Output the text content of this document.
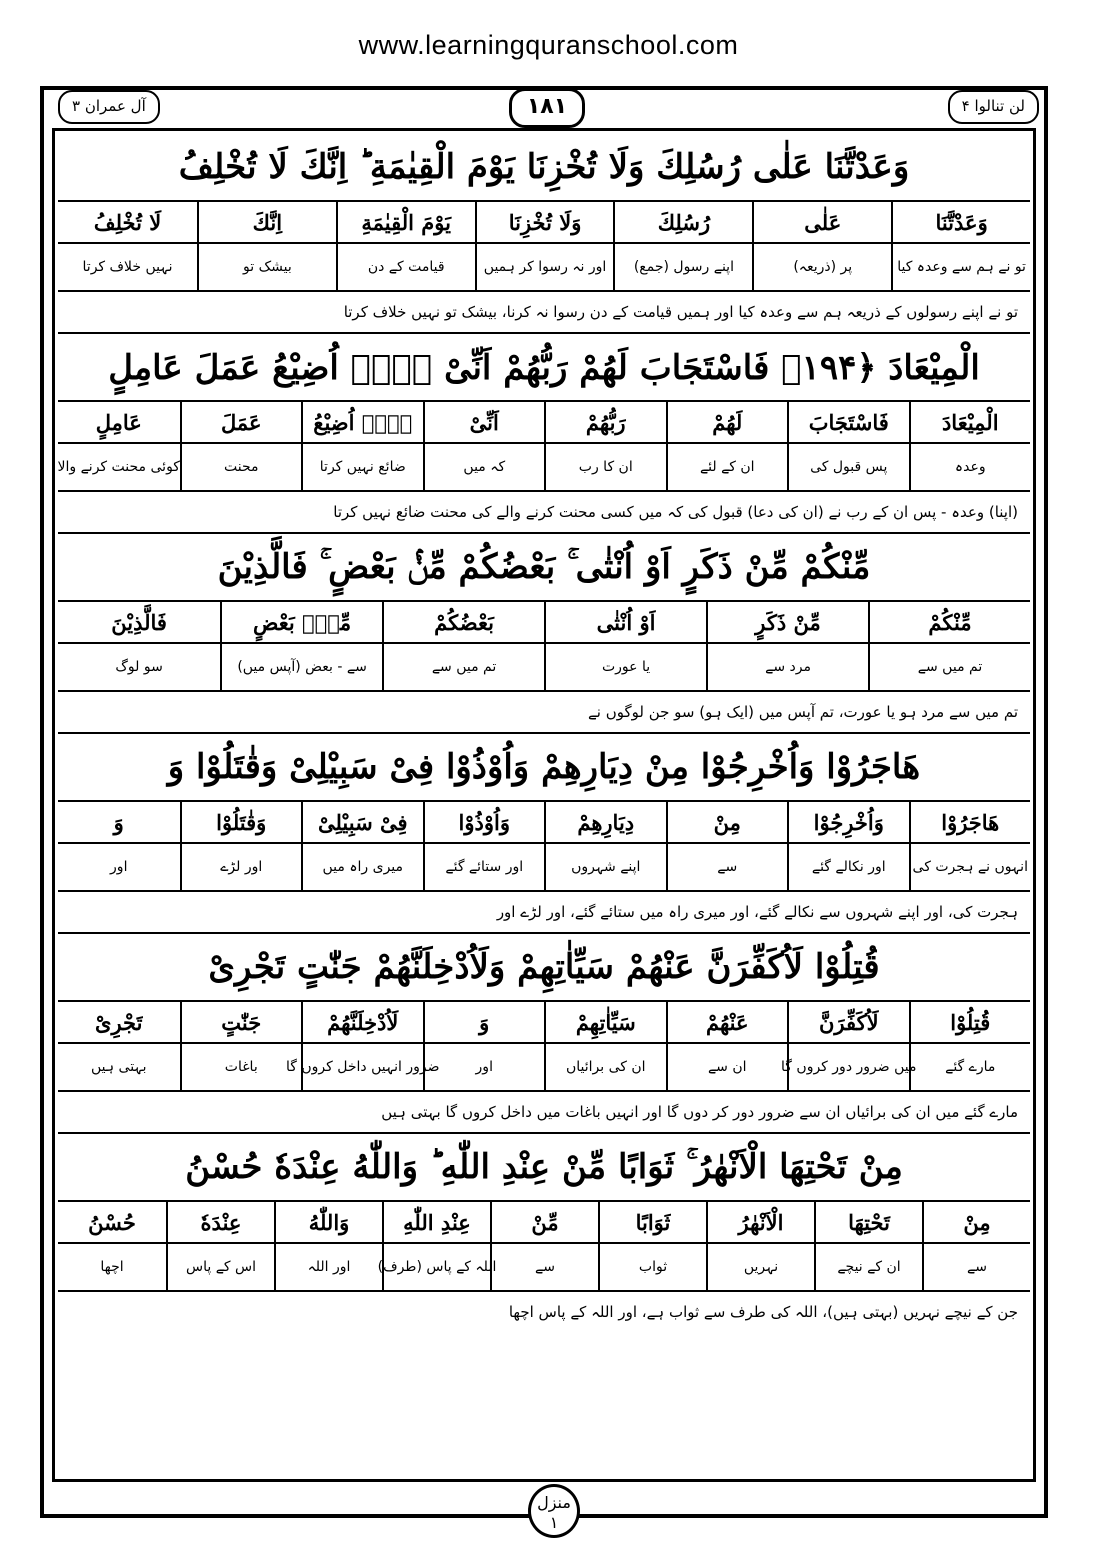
www.learningquranschool.com
آل عمران ۳	١٨١	لن تنالوا ۴
وَعَدْتَّنَا عَلٰى رُسُلِكَ وَلَا تُخْزِنَا يَوْمَ الْقِيٰمَةِ ؕ اِنَّكَ لَا تُخْلِفُ
وَعَدْتَّنَا
عَلٰى
رُسُلِكَ
وَلَا تُخْزِنَا
يَوْمَ الْقِيٰمَةِ
اِنَّكَ
لَا تُخْلِفُ
تو نے ہم سے وعدہ کیا
پر (ذریعہ)
اپنے رسول (جمع)
اور نہ رسوا کر ہمیں
قیامت کے دن
بیشک تو
نہیں خلاف کرتا
تو نے اپنے رسولوں کے ذریعہ ہم سے وعدہ کیا اور ہمیں قیامت کے دن رسوا نہ کرنا، بیشک تو نہیں خلاف کرتا
الْمِيْعَادَ ﴿۱۹۴﴾ فَاسْتَجَابَ لَهُمْ رَبُّهُمْ اَنِّىْ لَاۤ اُضِيْعُ عَمَلَ عَامِلٍ
الْمِيْعَادَ
فَاسْتَجَابَ
لَهُمْ
رَبُّهُمْ
اَنِّىْ
لَاۤ اُضِيْعُ
عَمَلَ
عَامِلٍ
وعدہ
پس قبول کی
ان کے لئے
ان کا رب
کہ میں
ضائع نہیں کرتا
محنت
کوئی محنت کرنے والا
(اپنا) وعدہ - پس ان کے رب نے (ان کی دعا) قبول کی کہ میں کسی محنت کرنے والے کی محنت ضائع نہیں کرتا
مِّنْكُمْ مِّنْ ذَكَرٍ اَوْ اُنْثٰى ۚ بَعْضُكُمْ مِّنْۢ بَعْضٍ ۚ فَالَّذِيْنَ
مِّنْكُمْ
مِّنْ ذَكَرٍ
اَوْ اُنْثٰى
بَعْضُكُمْ
مِّنْۢ بَعْضٍ
فَالَّذِيْنَ
تم میں سے
مرد سے
یا عورت
تم میں سے
سے - بعض (آپس میں)
سو لوگ
تم میں سے مرد ہو یا عورت، تم آپس میں (ایک ہو) سو جن لوگوں نے
هَاجَرُوْا وَاُخْرِجُوْا مِنْ دِيَارِهِمْ وَاُوْذُوْا فِىْ سَبِيْلِىْ وَقٰتَلُوْا وَ
هَاجَرُوْا
وَاُخْرِجُوْا
مِنْ
دِيَارِهِمْ
وَاُوْذُوْا
فِىْ سَبِيْلِىْ
وَقٰتَلُوْا
وَ
انہوں نے ہجرت کی
اور نکالے گئے
سے
اپنے شہروں
اور ستائے گئے
میری راہ میں
اور لڑے
اور
ہجرت کی، اور اپنے شہروں سے نکالے گئے، اور میری راہ میں ستائے گئے، اور لڑے اور
قُتِلُوْا لَاُكَفِّرَنَّ عَنْهُمْ سَيِّاٰتِهِمْ وَلَاُدْخِلَنَّهُمْ جَنّٰتٍ تَجْرِىْ
قُتِلُوْا
لَاُكَفِّرَنَّ
عَنْهُمْ
سَيِّاٰتِهِمْ
وَ
لَاُدْخِلَنَّهُمْ
جَنّٰتٍ
تَجْرِىْ
مارے گئے
میں ضرور دور کروں گا
ان سے
ان کی برائیاں
اور
ضرور انہیں داخل کروں گا
باغات
بہتی ہیں
مارے گئے میں ان کی برائیاں ان سے ضرور دور کر دوں گا اور انہیں باغات میں داخل کروں گا بہتی ہیں
مِنْ تَحْتِهَا الْاَنْهٰرُ ۚ ثَوَابًا مِّنْ عِنْدِ اللّٰهِ ؕ وَاللّٰهُ عِنْدَهٗ حُسْنُ
مِنْ
تَحْتِهَا
الْاَنْهٰرُ
ثَوَابًا
مِّنْ
عِنْدِ اللّٰهِ
وَاللّٰهُ
عِنْدَهٗ
حُسْنُ
سے
ان کے نیچے
نہریں
ثواب
سے
اللہ کے پاس (طرف)
اور اللہ
اس کے پاس
اچھا
جن کے نیچے نہریں (بہتی ہیں)، اللہ کی طرف سے ثواب ہے، اور اللہ کے پاس اچھا
منزل
۱
